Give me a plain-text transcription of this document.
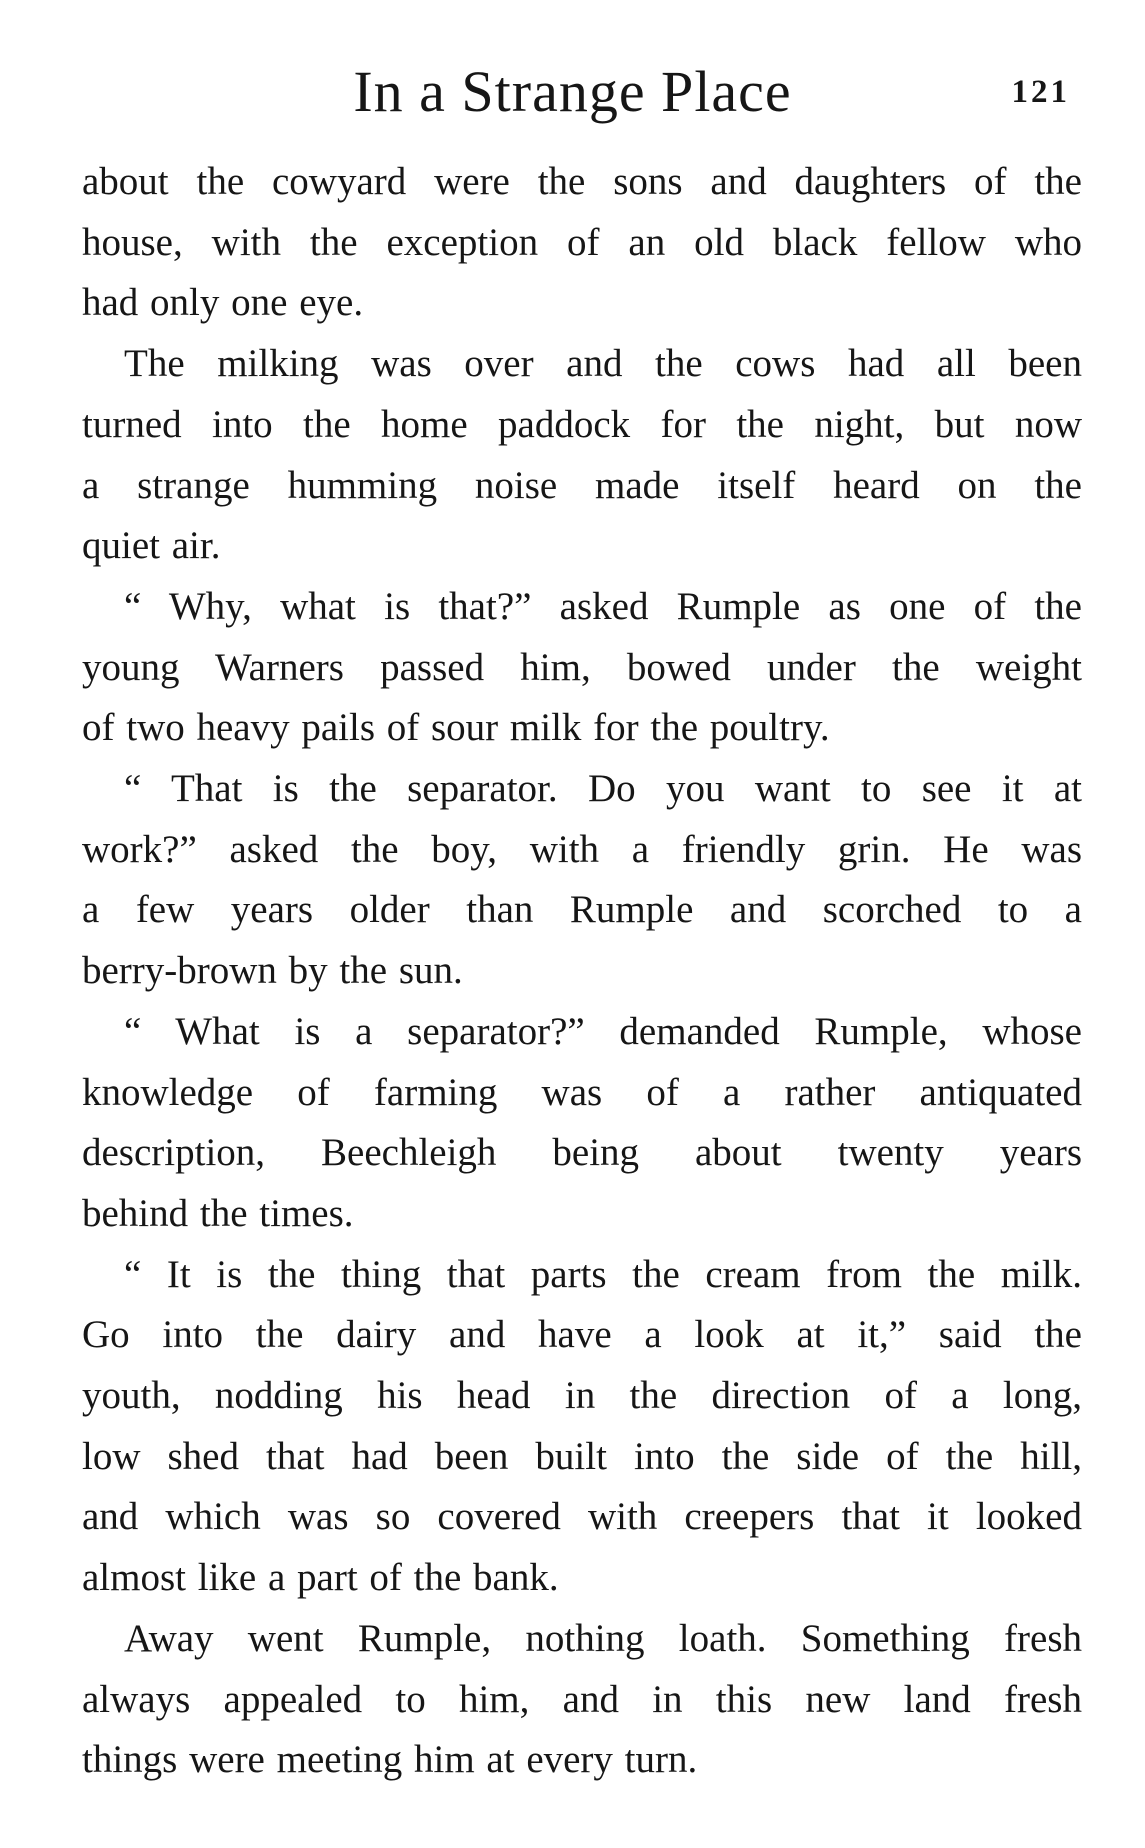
In a Strange Place	121
about the cowyard were the sons and daughters of the
house, with the exception of an old black fellow who
had only one eye.
The milking was over and the cows had all been
turned into the home paddock for the night, but now
a strange humming noise made itself heard on the
quiet air.
“ Why, what is that?” asked Rumple as one of the
young Warners passed him, bowed under the weight
of two heavy pails of sour milk for the poultry.
“ That is the separator. Do you want to see it at
work?” asked the boy, with a friendly grin. He was
a few years older than Rumple and scorched to a
berry-brown by the sun.
“ What is a separator?” demanded Rumple, whose
knowledge of farming was of a rather antiquated
description, Beechleigh being about twenty years
behind the times.
“ It is the thing that parts the cream from the milk.
Go into the dairy and have a look at it,” said the
youth, nodding his head in the direction of a long,
low shed that had been built into the side of the hill,
and which was so covered with creepers that it looked
almost like a part of the bank.
Away went Rumple, nothing loath. Something fresh
always appealed to him, and in this new land fresh
things were meeting him at every turn.
